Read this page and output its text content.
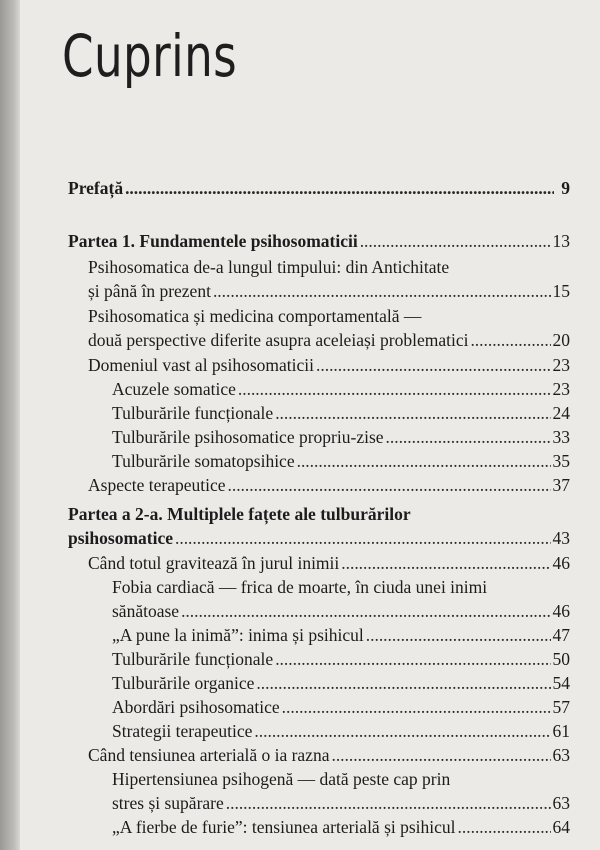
Cuprins
Prefață . . .	9
Partea 1. Fundamentele psihosomaticii . . .	13
Psihosomatica de-a lungul timpului: din Antichitate
și până în prezent . . .	15
Psihosomatica și medicina comportamentală —
două perspective diferite asupra aceleiași problematici . . .	20
Domeniul vast al psihosomaticii . . .	23
Acuzele somatice . . .	23
Tulburările funcționale . . .	24
Tulburările psihosomatice propriu-zise . . .	33
Tulburările somatopsihice . . .	35
Aspecte terapeutice . . .	37
Partea a 2-a. Multiplele fațete ale tulburărilor
psihosomatice . . .	43
Când totul gravitează în jurul inimii . . .	46
Fobia cardiacă — frica de moarte, în ciuda unei inimi
sănătoase . . .	46
„A pune la inimă”: inima și psihicul . . .	47
Tulburările funcționale . . .	50
Tulburările organice . . .	54
Abordări psihosomatice . . .	57
Strategii terapeutice . . .	61
Când tensiunea arterială o ia razna . . .	63
Hipertensiunea psihogenă — dată peste cap prin
stres și supărare . . .	63
„A fierbe de furie”: tensiunea arterială și psihicul . . .	64
